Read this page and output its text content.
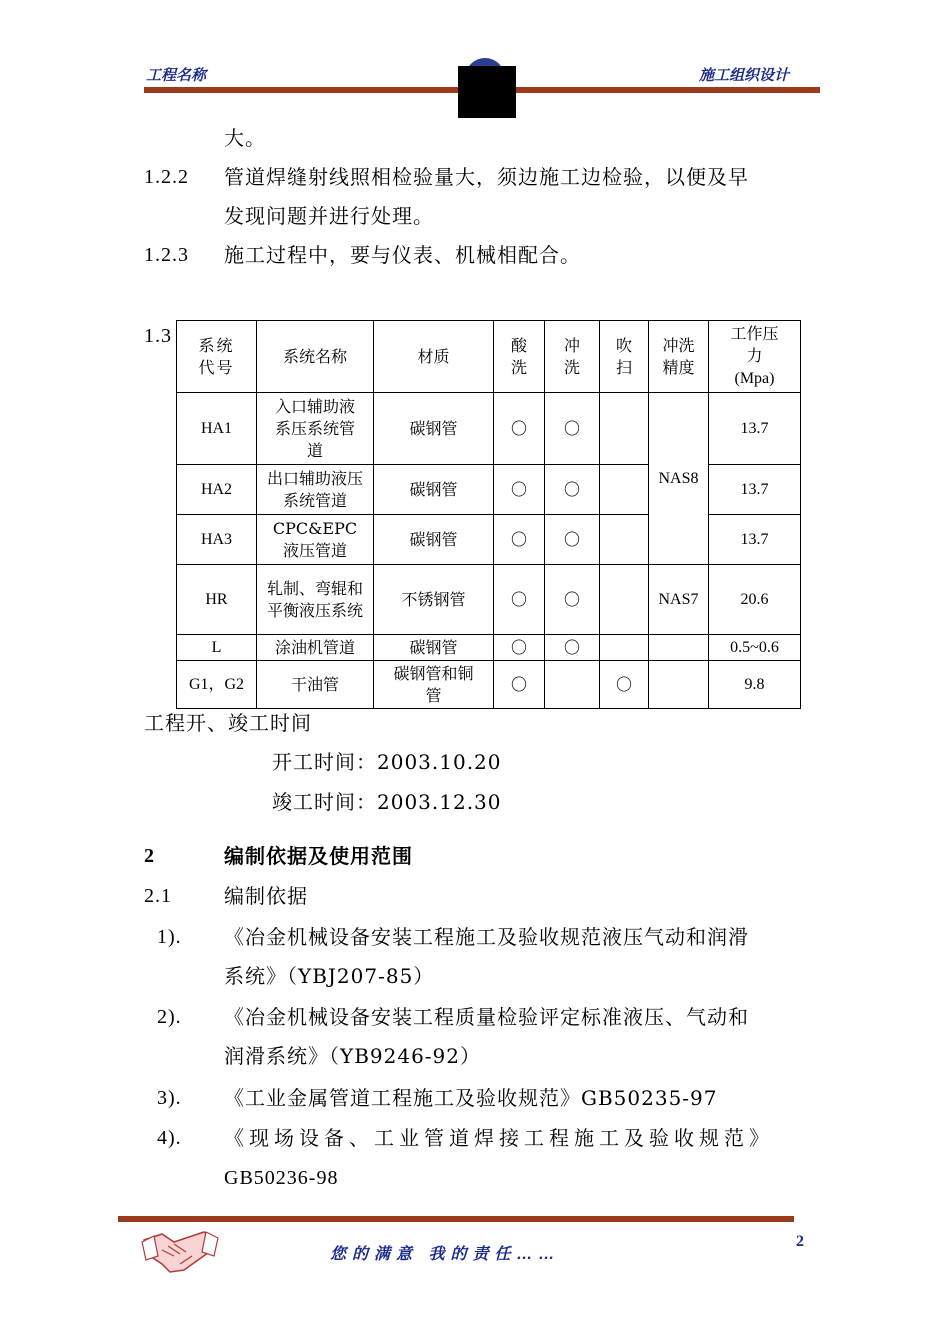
工程名称	施工组织设计
大。
1.2.2 管道焊缝射线照相检验量大，须边施工边检验，以便及早
发现问题并进行处理。
1.2.3 施工过程中，要与仪表、机械相配合。
1.3 系统代号	系统名称	材质	酸洗	冲洗	吹扫	冲洗精度	工作压力
(Mpa)
HA1	入口辅助液系压系统管道	碳钢管	〇	〇		NAS8	13.7
HA2	出口辅助液压系统管道	碳钢管	〇	〇			13.7
HA3	CPC&EPC液压管道	碳钢管	〇	〇			13.7
HR	轧制、弯辊和平衡液压系统	不锈钢管	〇	〇		NAS7	20.6
L	涂油机管道	碳钢管	〇	〇			0.5~0.6
G1，G2	干油管	碳钢管和铜管	〇		〇		9.8
工程开、竣工时间
开工时间：2003.10.20
竣工时间：2003.12.30
2	编制依据及使用范围
2.1	编制依据
1). 《冶金机械设备安装工程施工及验收规范液压气动和润滑
系统》（YBJ207-85）
2). 《冶金机械设备安装工程质量检验评定标准液压、气动和
润滑系统》（YB9246-92）
3). 《工业金属管道工程施工及验收规范》GB50235-97
4). 《现场设备、工业管道焊接工程施工及验收规范》
GB50236-98
您的满意 我的责任……
2
